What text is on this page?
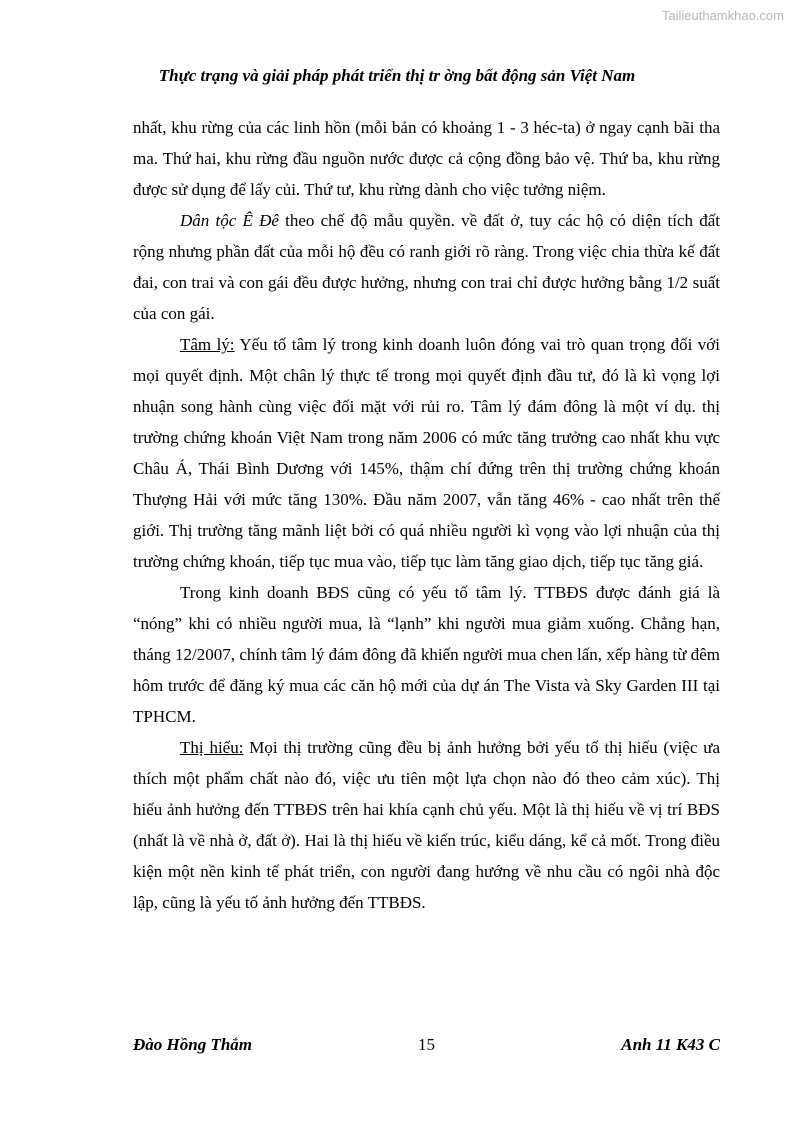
Tailieuthamkhao.com
Thực trạng và giải pháp phát triển thị tr ờng bất động sản Việt Nam

nhất, khu rừng của các linh hồn (mỗi bản có khoảng 1 - 3 héc-ta) ở ngay cạnh bãi tha ma. Thứ hai, khu rừng đầu nguồn nước được cả cộng đồng bảo vệ. Thứ ba, khu rừng được sử dụng để lấy củi. Thứ tư, khu rừng dành cho việc tưởng niệm.

Dân tộc Ê Đê theo chế độ mẫu quyền. về đất ở, tuy các hộ có diện tích đất rộng nhưng phần đất của mỗi hộ đều có ranh giới rõ ràng. Trong việc chia thừa kế đất đai, con trai và con gái đều được hưởng, nhưng con trai chỉ được hưởng bằng 1/2 suất của con gái.

Tâm lý: Yếu tố tâm lý trong kinh doanh luôn đóng vai trò quan trọng đối với mọi quyết định. Một chân lý thực tế trong mọi quyết định đầu tư, đó là kì vọng lợi nhuận song hành cùng việc đối mặt với rủi ro. Tâm lý đám đông là một ví dụ. thị trường chứng khoán Việt Nam trong năm 2006 có mức tăng trưởng cao nhất khu vực Châu Á, Thái Bình Dương với 145%, thậm chí đứng trên thị trường chứng khoán Thượng Hải với mức tăng 130%. Đầu năm 2007, vẫn tăng 46% - cao nhất trên thế giới. Thị trường tăng mãnh liệt bởi có quá nhiều người kì vọng vào lợi nhuận của thị trường chứng khoán, tiếp tục mua vào, tiếp tục làm tăng giao dịch, tiếp tục tăng giá.

Trong kinh doanh BĐS cũng có yếu tố tâm lý. TTBĐS được đánh giá là “nóng” khi có nhiều người mua, là “lạnh” khi người mua giảm xuống. Chẳng hạn, tháng 12/2007, chính tâm lý đám đông đã khiến người mua chen lấn, xếp hàng từ đêm hôm trước để đăng ký mua các căn hộ mới của dự án The Vista và Sky Garden III tại TPHCM.

Thị hiếu: Mọi thị trường cũng đều bị ảnh hưởng bởi yếu tố thị hiếu (việc ưa thích một phẩm chất nào đó, việc ưu tiên một lựa chọn nào đó theo cảm xúc). Thị hiếu ảnh hưởng đến TTBĐS trên hai khía cạnh chủ yếu. Một là thị hiếu về vị trí BĐS (nhất là về nhà ở, đất ở). Hai là thị hiếu về kiến trúc, kiểu dáng, kể cả mốt. Trong điều kiện một nền kinh tế phát triển, con người đang hướng về nhu cầu có ngôi nhà độc lập, cũng là yếu tố ảnh hưởng đến TTBĐS.

15
Đào Hồng Thắm	Anh 11 K43 C
